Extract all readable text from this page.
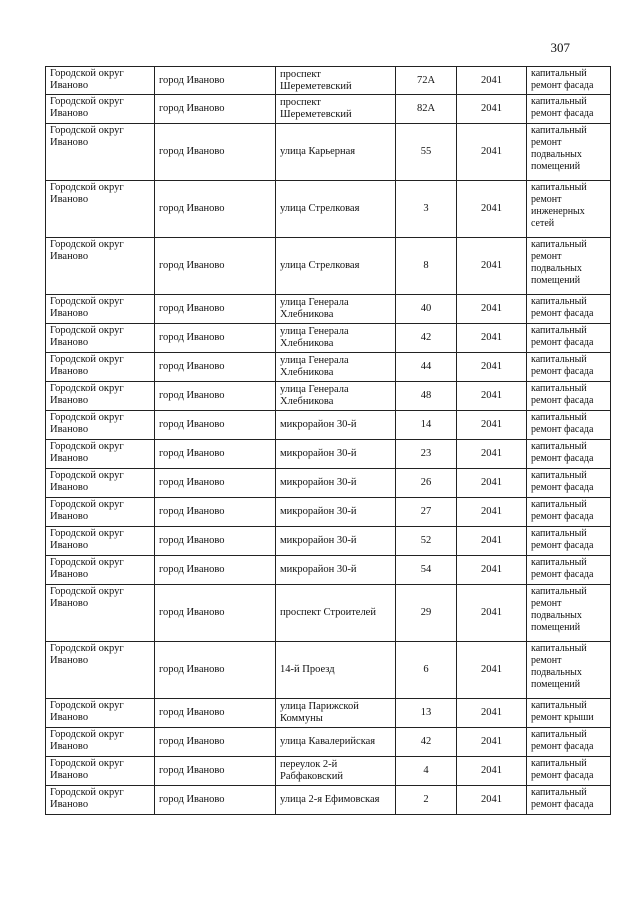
307
Городской округ Иваново	город Иваново	проспект Шереметевский	72А	2041	капитальный ремонт фасада
Городской округ Иваново	город Иваново	проспект Шереметевский	82А	2041	капитальный ремонт фасада
Городской округ Иваново	город Иваново	улица Карьерная	55	2041	капитальный ремонт подвальных помещений
Городской округ Иваново	город Иваново	улица Стрелковая	3	2041	капитальный ремонт инженерных сетей
Городской округ Иваново	город Иваново	улица Стрелковая	8	2041	капитальный ремонт подвальных помещений
Городской округ Иваново	город Иваново	улица Генерала Хлебникова	40	2041	капитальный ремонт фасада
Городской округ Иваново	город Иваново	улица Генерала Хлебникова	42	2041	капитальный ремонт фасада
Городской округ Иваново	город Иваново	улица Генерала Хлебникова	44	2041	капитальный ремонт фасада
Городской округ Иваново	город Иваново	улица Генерала Хлебникова	48	2041	капитальный ремонт фасада
Городской округ Иваново	город Иваново	микрорайон 30-й	14	2041	капитальный ремонт фасада
Городской округ Иваново	город Иваново	микрорайон 30-й	23	2041	капитальный ремонт фасада
Городской округ Иваново	город Иваново	микрорайон 30-й	26	2041	капитальный ремонт фасада
Городской округ Иваново	город Иваново	микрорайон 30-й	27	2041	капитальный ремонт фасада
Городской округ Иваново	город Иваново	микрорайон 30-й	52	2041	капитальный ремонт фасада
Городской округ Иваново	город Иваново	микрорайон 30-й	54	2041	капитальный ремонт фасада
Городской округ Иваново	город Иваново	проспект Строителей	29	2041	капитальный ремонт подвальных помещений
Городской округ Иваново	город Иваново	14-й Проезд	6	2041	капитальный ремонт подвальных помещений
Городской округ Иваново	город Иваново	улица Парижской Коммуны	13	2041	капитальный ремонт крыши
Городской округ Иваново	город Иваново	улица Кавалерийская	42	2041	капитальный ремонт фасада
Городской округ Иваново	город Иваново	переулок 2-й Рабфаковский	4	2041	капитальный ремонт фасада
Городской округ Иваново	город Иваново	улица 2-я Ефимовская	2	2041	капитальный ремонт фасада
